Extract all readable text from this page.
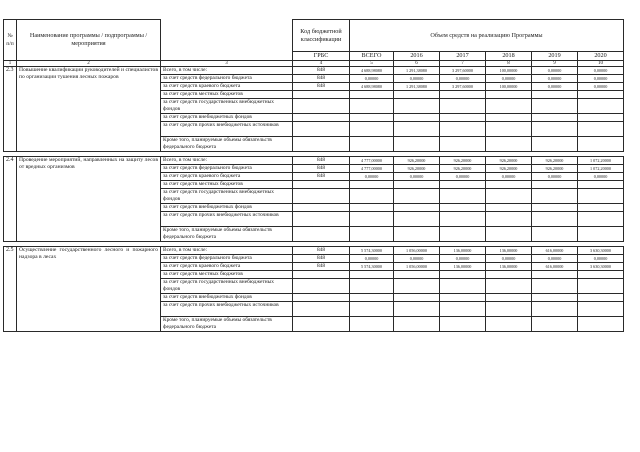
№
п/п	Наименование программы / подпрограммы / мероприятия		Код бюджетной классификации	Объем средств на реализацию Программы					
			ГРБС	ВСЕГО	2016	2017	2018	2019	2020
1	2	3	4	5	6	7	8	9	10
2.3	Повышение квалификации руководителей и специалистов по организации тушения лесных пожаров	Всего, в том числе:	848	4 688,98080	1 291,38080	3 297,60000	100,00000	0,00000	0,00000
		за счет средств федерального бюджета	848	0,00000	0,00000	0,00000	0,00000	0,00000	0,00000
		за счет средств краевого бюджета	848	4 688,98080	1 291,38080	3 297,60000	100,00000	0,00000	0,00000
		за счет средств местных бюджетов							
		за счет средств государственных внебюджетных фондов							
		за счет средств внебюджетных фондов							
		за счет средств прочих внебюджетных источников							
		Кроме того, планируемые объемы обязательств федерального бюджета							

2.4	Проведение мероприятий, направленных на защиту лесов от вредных организмов	Всего, в том числе:	848	4 777,00000	926,20000	926,20000	926,20000	926,20000	1 072,20000
		за счет средств федерального бюджета	848	4 777,00000	926,20000	926,20000	926,20000	926,20000	1 072,20000
		за счет средств краевого бюджета	848	0,00000	0,00000	0,00000	0,00000	0,00000	0,00000
		за счет средств местных бюджетов							
		за счет средств государственных внебюджетных фондов							
		за счет средств внебюджетных фондов							
		за счет средств прочих внебюджетных источников							
		Кроме того, планируемые объемы обязательств федерального бюджета							

2.5	Осуществление государственного лесного и пожарного надзора в лесах	Всего, в том числе:	848	5 574,30000	1 056,00000	136,00000	136,00000	616,00000	3 630,30000
		за счет средств федерального бюджета	848	0,00000	0,00000	0,00000	0,00000	0,00000	0,00000
		за счет средств краевого бюджета	848	5 574,30000	1 056,00000	136,00000	136,00000	616,00000	3 630,30000
		за счет средств местных бюджетов							
		за счет средств государственных внебюджетных фондов							
		за счет средств внебюджетных фондов							
		за счет средств прочих внебюджетных источников							
		Кроме того, планируемые объемы обязательств федерального бюджета							
